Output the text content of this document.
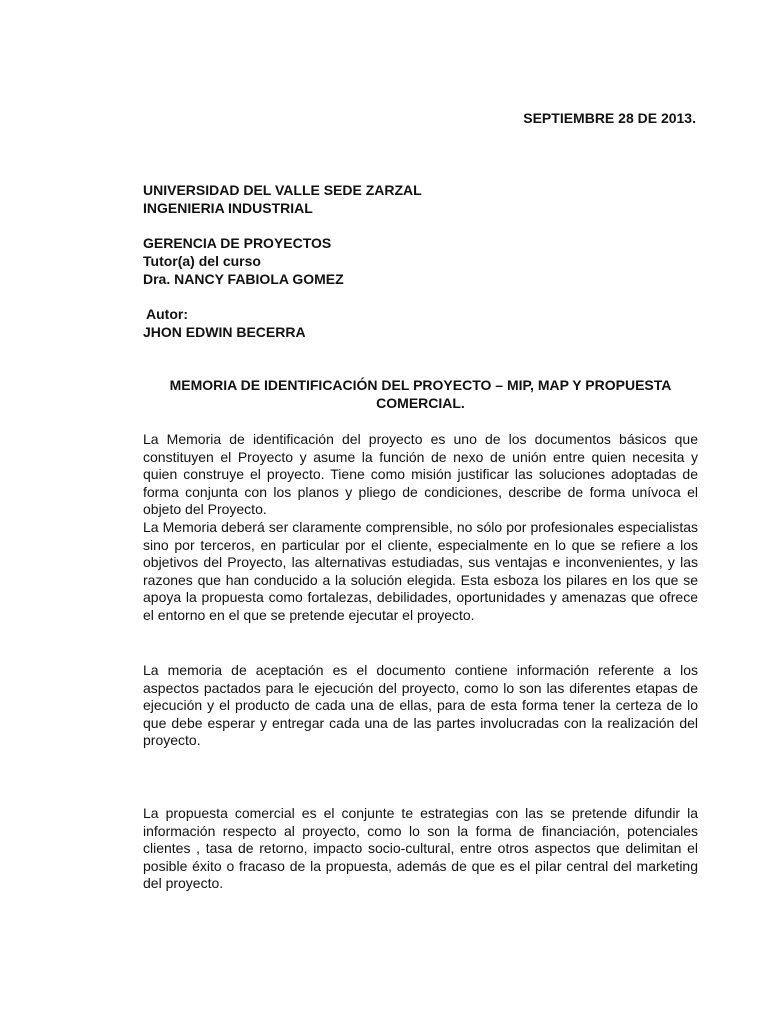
SEPTIEMBRE 28 DE 2013.
UNIVERSIDAD DEL VALLE SEDE ZARZAL
INGENIERIA INDUSTRIAL
GERENCIA DE PROYECTOS
Tutor(a) del curso
Dra. NANCY FABIOLA GOMEZ
Autor:
JHON EDWIN BECERRA
MEMORIA DE IDENTIFICACIÓN DEL PROYECTO – MIP, MAP Y PROPUESTA COMERCIAL.
La Memoria de identificación del proyecto es uno de los documentos básicos que constituyen el Proyecto y asume la función de nexo de unión entre quien necesita y quien construye el proyecto. Tiene como misión justificar las soluciones adoptadas de forma conjunta con los planos y pliego de condiciones, describe de forma unívoca el objeto del Proyecto.
La Memoria deberá ser claramente comprensible, no sólo por profesionales especialistas sino por terceros, en particular por el cliente, especialmente en lo que se refiere a los objetivos del Proyecto, las alternativas estudiadas, sus ventajas e inconvenientes, y las razones que han conducido a la solución elegida. Esta esboza los pilares en los que se apoya la propuesta como fortalezas, debilidades, oportunidades y amenazas que ofrece el entorno en el que se pretende ejecutar el proyecto.
La memoria de aceptación es el documento contiene información referente a los aspectos pactados para le ejecución del proyecto, como lo son las diferentes etapas de ejecución y el producto de cada una de ellas, para de esta forma tener la certeza de lo que debe esperar y entregar cada una de las partes involucradas con la realización del proyecto.
La propuesta comercial es el conjunte te estrategias con las se pretende difundir la información respecto al proyecto, como lo son la forma de financiación, potenciales clientes , tasa de retorno, impacto socio-cultural, entre otros aspectos que delimitan el posible éxito o fracaso de la propuesta, además de que es el pilar central del marketing del proyecto.
